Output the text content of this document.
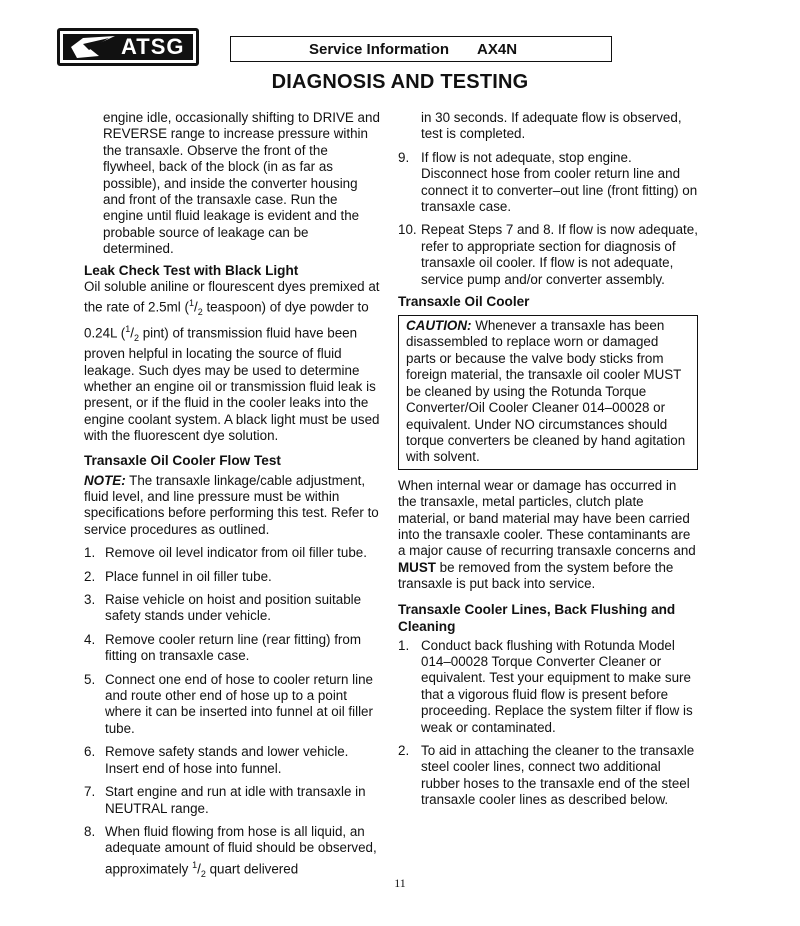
ATSG	Service Information AX4N
DIAGNOSIS AND TESTING

engine idle, occasionally shifting to DRIVE and REVERSE range to increase pressure within the transaxle. Observe the front of the flywheel, back of the block (in as far as possible), and inside the converter housing and front of the transaxle case. Run the engine until fluid leakage is evident and the probable source of leakage can be determined.

Leak Check Test with Black Light

Oil soluble aniline or flourescent dyes premixed at the rate of 2.5ml ($^1/_2$ teaspoon) of dye powder to 0.24L ($^1/_2$ pint) of transmission fluid have been proven helpful in locating the source of fluid leakage. Such dyes may be used to determine whether an engine oil or transmission fluid leak is present, or if the fluid in the cooler leaks into the engine coolant system. A black light must be used with the fluorescent dye solution.

Transaxle Oil Cooler Flow Test

NOTE: The transaxle linkage/cable adjustment, fluid level, and line pressure must be within specifications before performing this test. Refer to service procedures as outlined.

1. Remove oil level indicator from oil filler tube.
2. Place funnel in oil filler tube.
3. Raise vehicle on hoist and position suitable safety stands under vehicle.
4. Remove cooler return line (rear fitting) from fitting on transaxle case.
5. Connect one end of hose to cooler return line and route other end of hose up to a point where it can be inserted into funnel at oil filler tube.
6. Remove safety stands and lower vehicle. Insert end of hose into funnel.
7. Start engine and run at idle with transaxle in NEUTRAL range.
8. When fluid flowing from hose is all liquid, an adequate amount of fluid should be observed, approximately $^1/_2$ quart delivered

in 30 seconds. If adequate flow is observed, test is completed.

9. If flow is not adequate, stop engine. Disconnect hose from cooler return line and connect it to converter–out line (front fitting) on transaxle case.
10. Repeat Steps 7 and 8. If flow is now adequate, refer to appropriate section for diagnosis of transaxle oil cooler. If flow is not adequate, service pump and/or converter assembly.
Transaxle Oil Cooler
CAUTION: Whenever a transaxle has been disassembled to replace worn or damaged parts or because the valve body sticks from foreign material, the transaxle oil cooler MUST be cleaned by using the Rotunda Torque Converter/Oil Cooler Cleaner 014–00028 or equivalent. Under NO circumstances should torque converters be cleaned by hand agitation with solvent.

When internal wear or damage has occurred in the transaxle, metal particles, clutch plate material, or band material may have been carried into the transaxle cooler. These contaminants are a major cause of recurring transaxle concerns and MUST be removed from the system before the transaxle is put back into service.

Transaxle Cooler Lines, Back Flushing and Cleaning
1. Conduct back flushing with Rotunda Model 014–00028 Torque Converter Cleaner or equivalent. Test your equipment to make sure that a vigorous fluid flow is present before proceeding. Replace the system filter if flow is weak or contaminated.
2. To aid in attaching the cleaner to the transaxle steel cooler lines, connect two additional rubber hoses to the transaxle end of the steel transaxle cooler lines as described below.
11
